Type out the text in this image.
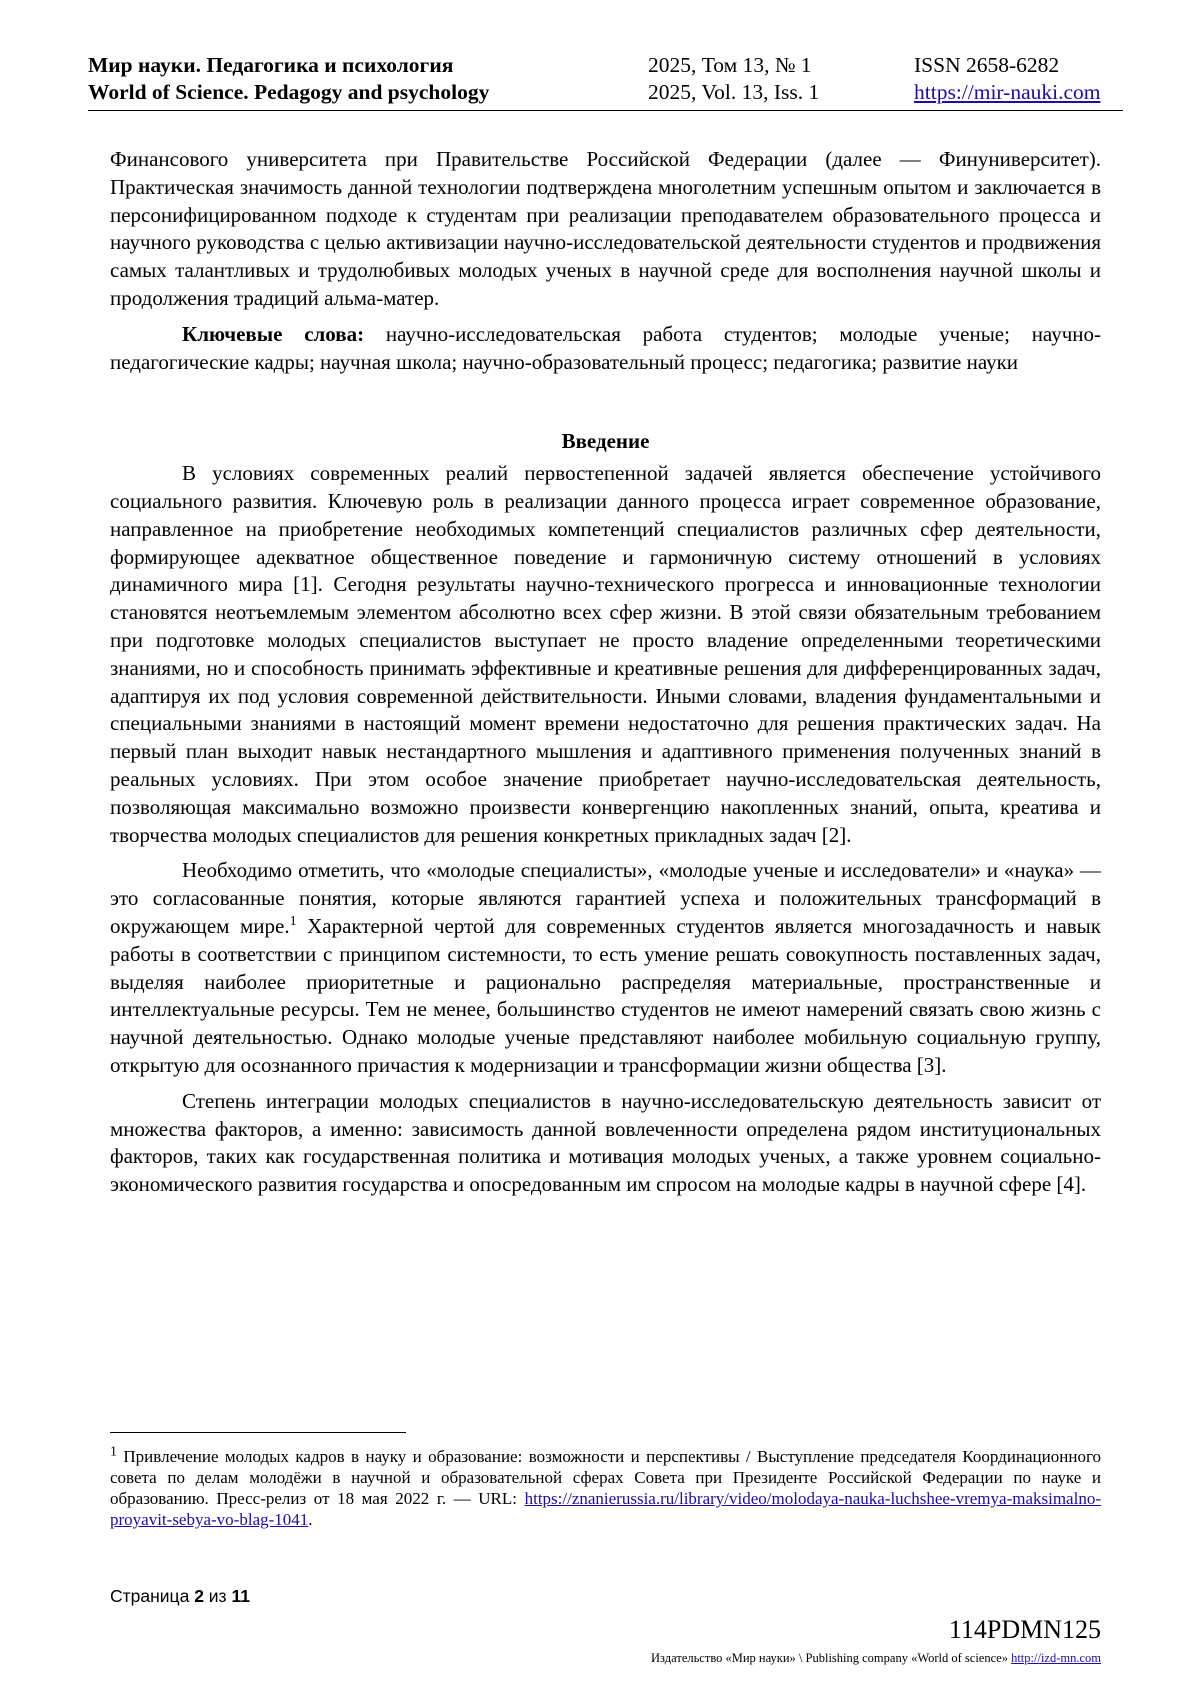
Мир науки. Педагогика и психология
World of Science. Pedagogy and psychology
2025, Том 13, № 1
2025, Vol. 13, Iss. 1
ISSN 2658-6282
https://mir-nauki.com

Финансового университета при Правительстве Российской Федерации (далее — Финуниверситет). Практическая значимость данной технологии подтверждена многолетним успешным опытом и заключается в персонифицированном подходе к студентам при реализации преподавателем образовательного процесса и научного руководства с целью активизации научно-исследовательской деятельности студентов и продвижения самых талантливых и трудолюбивых молодых ученых в научной среде для восполнения научной школы и продолжения традиций альма-матер.

Ключевые слова: научно-исследовательская работа студентов; молодые ученые; научно-педагогические кадры; научная школа; научно-образовательный процесс; педагогика; развитие науки

Введение

В условиях современных реалий первостепенной задачей является обеспечение устойчивого социального развития. Ключевую роль в реализации данного процесса играет современное образование, направленное на приобретение необходимых компетенций специалистов различных сфер деятельности, формирующее адекватное общественное поведение и гармоничную систему отношений в условиях динамичного мира [1]. Сегодня результаты научно-технического прогресса и инновационные технологии становятся неотъемлемым элементом абсолютно всех сфер жизни. В этой связи обязательным требованием при подготовке молодых специалистов выступает не просто владение определенными теоретическими знаниями, но и способность принимать эффективные и креативные решения для дифференцированных задач, адаптируя их под условия современной действительности. Иными словами, владения фундаментальными и специальными знаниями в настоящий момент времени недостаточно для решения практических задач. На первый план выходит навык нестандартного мышления и адаптивного применения полученных знаний в реальных условиях. При этом особое значение приобретает научно-исследовательская деятельность, позволяющая максимально возможно произвести конвергенцию накопленных знаний, опыта, креатива и творчества молодых специалистов для решения конкретных прикладных задач [2].

Необходимо отметить, что «молодые специалисты», «молодые ученые и исследователи» и «наука» — это согласованные понятия, которые являются гарантией успеха и положительных трансформаций в окружающем мире.$^1$ Характерной чертой для современных студентов является многозадачность и навык работы в соответствии с принципом системности, то есть умение решать совокупность поставленных задач, выделяя наиболее приоритетные и рационально распределяя материальные, пространственные и интеллектуальные ресурсы. Тем не менее, большинство студентов не имеют намерений связать свою жизнь с научной деятельностью. Однако молодые ученые представляют наиболее мобильную социальную группу, открытую для осознанного причастия к модернизации и трансформации жизни общества [3].

Степень интеграции молодых специалистов в научно-исследовательскую деятельность зависит от множества факторов, а именно: зависимость данной вовлеченности определена рядом институциональных факторов, таких как государственная политика и мотивация молодых ученых, а также уровнем социально-экономического развития государства и опосредованным им спросом на молодые кадры в научной сфере [4].

$^1$ Привлечение молодых кадров в науку и образование: возможности и перспективы / Выступление председателя Координационного совета по делам молодёжи в научной и образовательной сферах Совета при Президенте Российской Федерации по науке и образованию. Пресс-релиз от 18 мая 2022 г. — URL: https://znanierussia.ru/library/video/molodaya-nauka-luchshee-vremya-maksimalno-proyavit-sebya-vo-blag-1041.

Страница 2 из 11
114PDMN125
Издательство «Мир науки» \ Publishing company «World of science» http://izd-mn.com
